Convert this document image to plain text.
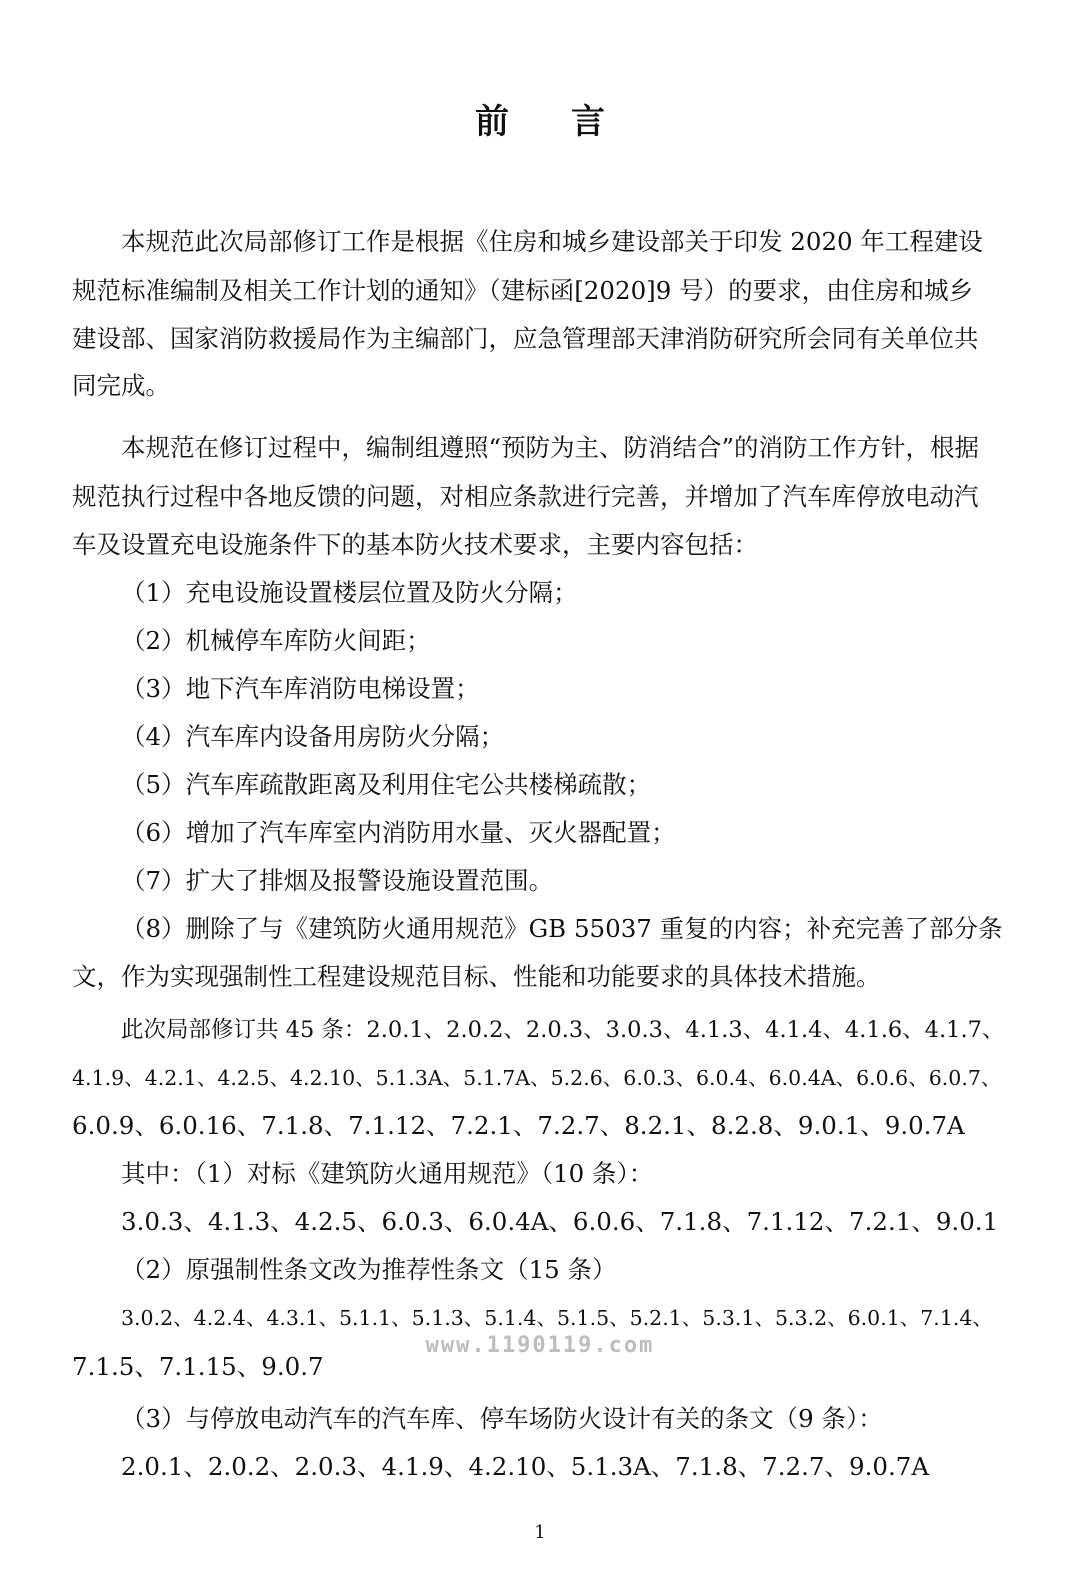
前言
本规范此次局部修订工作是根据《住房和城乡建设部关于印发 2020 年工程建设
规范标准编制及相关工作计划的通知》（建标函[2020]9 号）的要求，由住房和城乡
建设部、国家消防救援局作为主编部门，应急管理部天津消防研究所会同有关单位共
同完成。
本规范在修订过程中，编制组遵照“预防为主、防消结合”的消防工作方针，根据
规范执行过程中各地反馈的问题，对相应条款进行完善，并增加了汽车库停放电动汽
车及设置充电设施条件下的基本防火技术要求，主要内容包括：
（1）充电设施设置楼层位置及防火分隔；
（2）机械停车库防火间距；
（3）地下汽车库消防电梯设置；
（4）汽车库内设备用房防火分隔；
（5）汽车库疏散距离及利用住宅公共楼梯疏散；
（6）增加了汽车库室内消防用水量、灭火器配置；
（7）扩大了排烟及报警设施设置范围。
（8）删除了与《建筑防火通用规范》GB 55037 重复的内容；补充完善了部分条
文，作为实现强制性工程建设规范目标、性能和功能要求的具体技术措施。
此次局部修订共 45 条：2.0.1、2.0.2、2.0.3、3.0.3、4.1.3、4.1.4、4.1.6、4.1.7、
4.1.9、4.2.1、4.2.5、4.2.10、5.1.3A、5.1.7A、5.2.6、6.0.3、6.0.4、6.0.4A、6.0.6、6.0.7、
6.0.9、6.0.16、7.1.8、7.1.12、7.2.1、7.2.7、8.2.1、8.2.8、9.0.1、9.0.7A
其中：（1）对标《建筑防火通用规范》（10 条）：
3.0.3、4.1.3、4.2.5、6.0.3、6.0.4A、6.0.6、7.1.8、7.1.12、7.2.1、9.0.1
（2）原强制性条文改为推荐性条文（15 条）
3.0.2、4.2.4、4.3.1、5.1.1、5.1.3、5.1.4、5.1.5、5.2.1、5.3.1、5.3.2、6.0.1、7.1.4、
7.1.5、7.1.15、9.0.7
（3）与停放电动汽车的汽车库、停车场防火设计有关的条文（9 条）：
2.0.1、2.0.2、2.0.3、4.1.9、4.2.10、5.1.3A、7.1.8、7.2.7、9.0.7A
www.1190119.com
1
